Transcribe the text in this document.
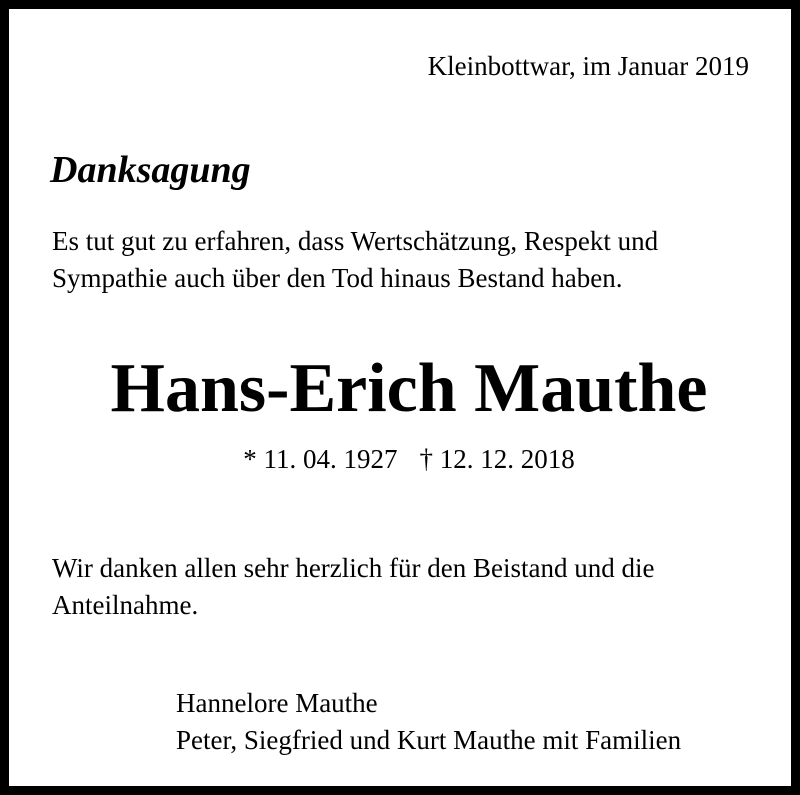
Kleinbottwar, im Januar 2019
Danksagung
Es tut gut zu erfahren, dass Wertschätzung, Respekt und
Sympathie auch über den Tod hinaus Bestand haben.
Hans-Erich Mauthe
* 11. 04. 1927 † 12. 12. 2018
Wir danken allen sehr herzlich für den Beistand und die
Anteilnahme.
Hannelore Mauthe
Peter, Siegfried und Kurt Mauthe mit Familien
